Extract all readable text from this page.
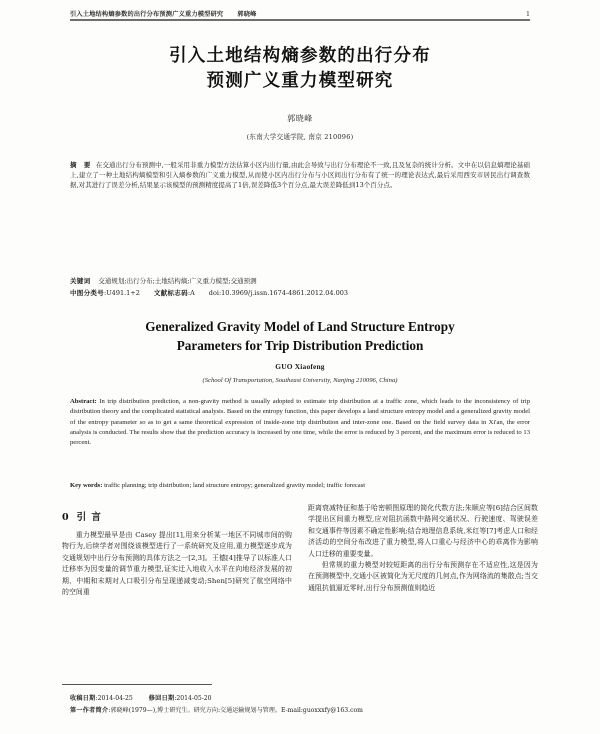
引入土地结构熵参数的出行分布预测广义重力模型研究 郭晓峰	1
引入土地结构熵参数的出行分布
预测广义重力模型研究
郭晓峰
(东南大学交通学院, 南京 210096)
摘 要 在交通出行分布预测中,一般采用非重力模型方法估算小区内出行量,由此会导致与出行分布理论不一致,且及复杂的统计分析。文中在以信息熵理论基础上,建立了一种土地结构熵模型和引入熵参数的广义重力模型,从而使小区内出行分布与小区间出行分布有了统一的理论表达式,最后采用西安市居民出行调查数据,对其进行了误差分析,结果显示该模型的预测精度提高了1倍,误差降低3个百分点,最大误差降低到13个百分点。
关键词 交通规划;出行分布;土地结构熵;广义重力模型;交通预测
中图分类号:U491.1+2 文献标志码:A doi:10.3969/j.issn.1674-4861.2012.04.003
Generalized Gravity Model of Land Structure Entropy
Parameters for Trip Distribution Prediction
GUO Xiaofeng
(School Of Transportation, Southeast University, Nanjing 210096, China)
Abstract: In trip distribution prediction, a non-gravity method is usually adopted to estimate trip distribution at a traffic zone, which leads to the inconsistency of trip distribution theory and the complicated statistical analysis. Based on the entropy function, this paper develops a land structure entropy model and a generalized gravity model of the entropy parameter so as to get a same theoretical expression of inside-zone trip distribution and inter-zone one. Based on the field survey data in Xi'an, the error analysis is conducted. The results show that the prediction accuracy is increased by one time, while the error is reduced by 3 percent, and the maximum error is reduced to 13 percent.
Key words: traffic planning; trip distribution; land structure entropy; generalized gravity model; traffic forecast
0 引 言

重力模型最早是由 Casey 提出[1],用来分析某一地区不同城市间的购物行为,后续学者对围绕该模型进行了一系统研究及应用,重力模型逐步成为交通规划中出行分布预测的具体方法之一[2,3]。王德[4]推导了以标准人口迁移率为因变量的调节重力模型,证实迁入地收入水平在向地经济发展的初期、中期和末期对人口吸引分布呈现递减变动;Shen[5]研究了航空网络中的空间重

距离衰减特征和基于哈密顿图原理的简化代数方法;朱顺应等[6]结合区间数学提出区间重力模型,应对阻抗函数中路网交通状况、行驶速度、驾驶误差和交通事件等因素不确定性影响;结合地理信息系统,米红等[7]考虑人口和经济活动的空间分布改进了重力模型,将人口重心与经济中心的乖离作为影响人口迁移的重要变量。

但常规的重力模型对较短距离的出行分布预测存在不适应性,这是因为在预测模型中,交通小区被简化为无尺度的几何点,作为网络流的集散点;当交通阻抗值逼近零时,出行分布预测值则趋近

收稿日期:2014-04-25	修回日期:2014-05-20
第一作者简介:郭晓峰(1979—),博士研究生。研究方向:交通运输规划与管理。E-mail:guoxxxfy@163.com
